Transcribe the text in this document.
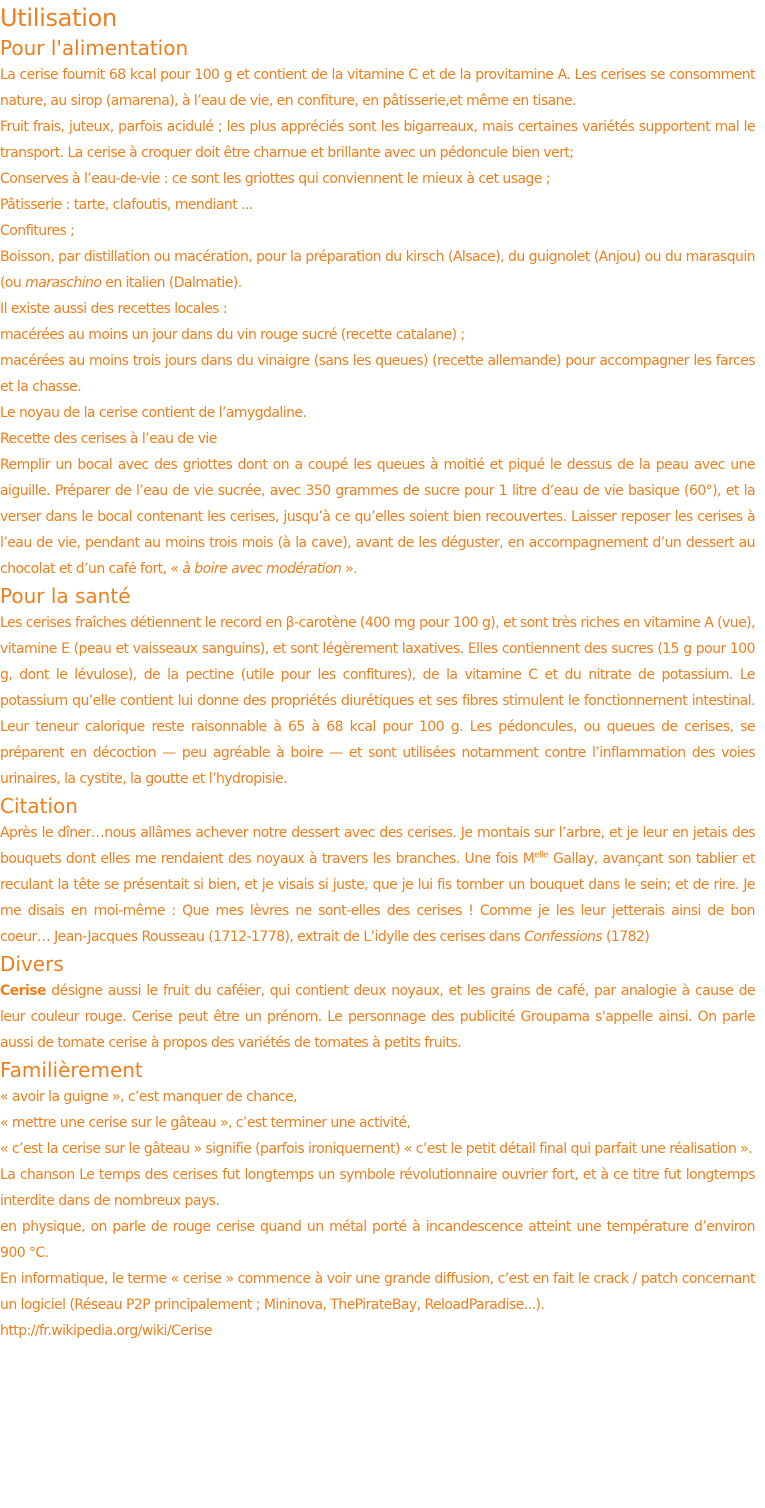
Utilisation
Pour l'alimentation

La cerise fournit 68 kcal pour 100 g et contient de la vitamine C et de la provitamine A. Les cerises se consomment nature, au sirop (amarena), à l’eau de vie, en confiture, en pâtisserie,et même en tisane.

Fruit frais, juteux, parfois acidulé ; les plus appréciés sont les bigarreaux, mais certaines variétés supportent mal le transport. La cerise à croquer doit être charnue et brillante avec un pédoncule bien vert;

Conserves à l’eau-de-vie : ce sont les griottes qui conviennent le mieux à cet usage ;

Pâtisserie : tarte, clafoutis, mendiant ...

Confitures ;

Boisson, par distillation ou macération, pour la préparation du kirsch (Alsace), du guignolet (Anjou) ou du marasquin (ou maraschino en italien (Dalmatie).

Il existe aussi des recettes locales :

macérées au moins un jour dans du vin rouge sucré (recette catalane) ;

macérées au moins trois jours dans du vinaigre (sans les queues) (recette allemande) pour accompagner les farces et la chasse.

Le noyau de la cerise contient de l’amygdaline.

Recette des cerises à l’eau de vie

Remplir un bocal avec des griottes dont on a coupé les queues à moitié et piqué le dessus de la peau avec une aiguille. Préparer de l’eau de vie sucrée, avec 350 grammes de sucre pour 1 litre d’eau de vie basique (60°), et la verser dans le bocal contenant les cerises, jusqu’à ce qu’elles soient bien recouvertes. Laisser reposer les cerises à l’eau de vie, pendant au moins trois mois (à la cave), avant de les déguster, en accompagnement d’un dessert au chocolat et d’un café fort, « à boire avec modération ».

Pour la santé

Les cerises fraîches détiennent le record en β-carotène (400 mg pour 100 g), et sont très riches en vitamine A (vue), vitamine E (peau et vaisseaux sanguins), et sont légèrement laxatives. Elles contiennent des sucres (15 g pour 100 g, dont le lévulose), de la pectine (utile pour les confitures), de la vitamine C et du nitrate de potassium. Le potassium qu’elle contient lui donne des propriétés diurétiques et ses fibres stimulent le fonctionnement intestinal. Leur teneur calorique reste raisonnable à 65 à 68 kcal pour 100 g. Les pédoncules, ou queues de cerises, se préparent en décoction — peu agréable à boire — et sont utilisées notamment contre l’inflammation des voies urinaires, la cystite, la goutte et l’hydropisie.

Citation

Après le dîner…nous allâmes achever notre dessert avec des cerises. Je montais sur l’arbre, et je leur en jetais des bouquets dont elles me rendaient des noyaux à travers les branches. Une fois $M^{elle}$ Gallay, avançant son tablier et reculant la tête se présentait si bien, et je visais si juste, que je lui fis tomber un bouquet dans le sein; et de rire. Je me disais en moi-même : Que mes lèvres ne sont-elles des cerises ! Comme je les leur jetterais ainsi de bon coeur… Jean-Jacques Rousseau (1712-1778), extrait de L’idylle des cerises dans Confessions (1782)

Divers

Cerise désigne aussi le fruit du caféier, qui contient deux noyaux, et les grains de café, par analogie à cause de leur couleur rouge. Cerise peut être un prénom. Le personnage des publicité Groupama s'appelle ainsi. On parle aussi de tomate cerise à propos des variétés de tomates à petits fruits.

Familièrement

« avoir la guigne », c’est manquer de chance,

« mettre une cerise sur le gâteau », c’est terminer une activité,

« c’est la cerise sur le gâteau » signifie (parfois ironiquement) « c’est le petit détail final qui parfait une réalisation ».

La chanson Le temps des cerises fut longtemps un symbole révolutionnaire ouvrier fort, et à ce titre fut longtemps interdite dans de nombreux pays.

en physique, on parle de rouge cerise quand un métal porté à incandescence atteint une température d’environ 900 °C.

En informatique, le terme « cerise » commence à voir une grande diffusion, c’est en fait le crack / patch concernant un logiciel (Réseau P2P principalement ; Mininova, ThePirateBay, ReloadParadise...).

http://fr.wikipedia.org/wiki/Cerise
